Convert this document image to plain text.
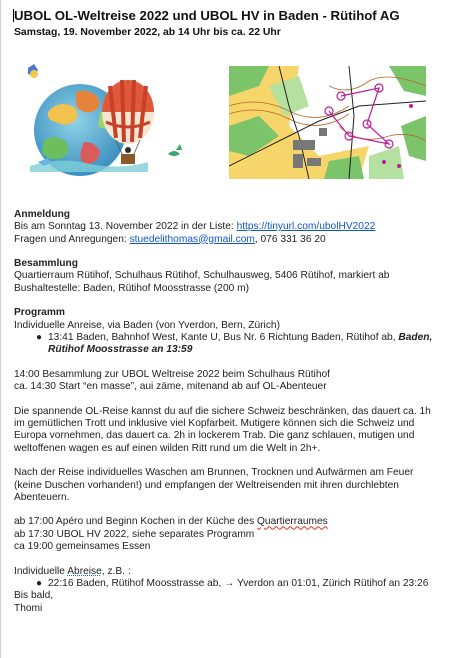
UBOL OL-Weltreise 2022 und UBOL HV in Baden - Rütihof AG
Samstag, 19. November 2022, ab 14 Uhr bis ca. 22 Uhr

Anmeldung

Bis am Sonntag 13. November 2022 in der Liste: https://tinyurl.com/ubolHV2022

Fragen und Anregungen: stuedelithomas@gmail.com, 076 331 36 20

Besammlung

Quartierraum Rütihof, Schulhaus Rütihof, Schulhausweg, 5406 Rütihof, markiert ab

Bushaltestelle: Baden, Rütihof Moosstrasse (200 m)

Programm

Individuelle Anreise, via Baden (von Yverdon, Bern, Zürich)

● 13:41 Baden, Bahnhof West, Kante U, Bus Nr. 6 Richtung Baden, Rütihof ab, Baden,
Rütihof Moosstrasse an 13:59

14:00 Besammlung zur UBOL Weltreise 2022 beim Schulhaus Rütihof

ca. 14:30 Start “en masse”, aui zäme, mitenand ab auf OL-Abenteuer

Die spannende OL-Reise kannst du auf die sichere Schweiz beschränken, das dauert ca. 1h

im gemütlichen Trott und inklusive viel Kopfarbeit. Mutigere können sich die Schweiz und

Europa vornehmen, das dauert ca. 2h in lockerem Trab. Die ganz schlauen, mutigen und

weltoffenen wagen es auf einen wilden Ritt rund um die Welt in 2h+.

Nach der Reise individuelles Waschen am Brunnen, Trocknen und Aufwärmen am Feuer

(keine Duschen vorhanden!) und empfangen der Weltreisenden mit ihren durchlebten

Abenteuern.

ab 17:00 Apéro und Beginn Kochen in der Küche des Quartierraumes

ab 17:30 UBOL HV 2022, siehe separates Programm

ca 19:00 gemeinsames Essen

Individuelle Abreise, z.B. :

● 22:16 Baden, Rütihof Moosstrasse ab, → Yverdon an 01:01, Zürich Rütihof an 23:26

Bis bald,

Thomi
